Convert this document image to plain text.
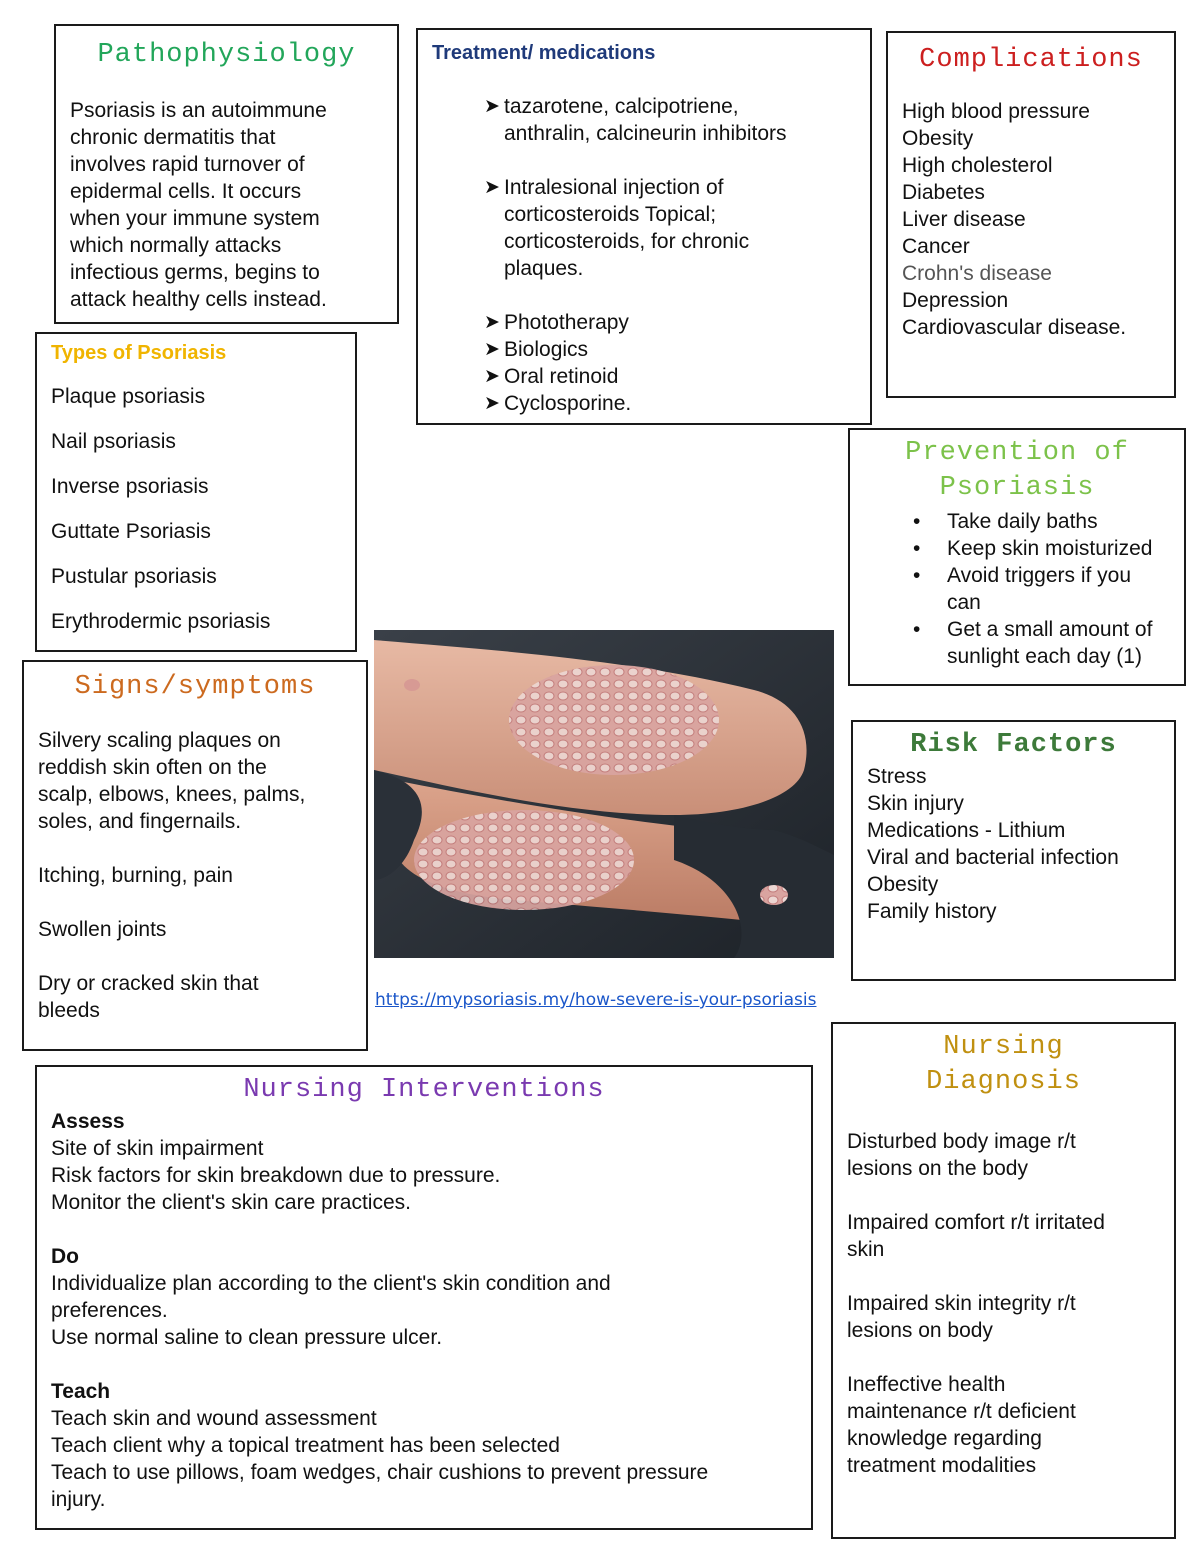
Pathophysiology

Psoriasis is an autoimmune
chronic dermatitis that
involves rapid turnover of
epidermal cells. It occurs
when your immune system
which normally attacks
infectious germs, begins to
attack healthy cells instead.

Treatment/ medications
➤ tazarotene, calcipotriene,
anthralin, calcineurin inhibitors
➤ Intralesional injection of
corticosteroids Topical;
corticosteroids, for chronic
plaques.
➤ Phototherapy
➤ Biologics
➤ Oral retinoid
➤ Cyclosporine.
Complications
High blood pressure
Obesity
High cholesterol
Diabetes
Liver disease
Cancer
Crohn's disease
Depression
Cardiovascular disease.
Types of Psoriasis
Plaque psoriasis
Nail psoriasis
Inverse psoriasis
Guttate Psoriasis
Pustular psoriasis
Erythrodermic psoriasis
Prevention of
Psoriasis
• Take daily baths
• Keep skin moisturized
• Avoid triggers if you
can
• Get a small amount of
sunlight each day (1)
Signs/symptoms
Silvery scaling plaques on
reddish skin often on the
scalp, elbows, knees, palms,
soles, and fingernails.
Itching, burning, pain
Swollen joints
Dry or cracked skin that
bleeds	https://mypsoriasis.my/how-severe-is-your-psoriasis
Risk Factors
Stress
Skin injury
Medications - Lithium
Viral and bacterial infection
Obesity
Family history
Nursing Interventions
Assess
Site of skin impairment
Risk factors for skin breakdown due to pressure.
Monitor the client's skin care practices.
Do
Individualize plan according to the client's skin condition and
preferences.
Use normal saline to clean pressure ulcer.
Teach
Teach skin and wound assessment
Teach client why a topical treatment has been selected
Teach to use pillows, foam wedges, chair cushions to prevent pressure
injury.
Nursing
Diagnosis
Disturbed body image r/t
lesions on the body
Impaired comfort r/t irritated
skin
Impaired skin integrity r/t
lesions on body
Ineffective health
maintenance r/t deficient
knowledge regarding
treatment modalities
